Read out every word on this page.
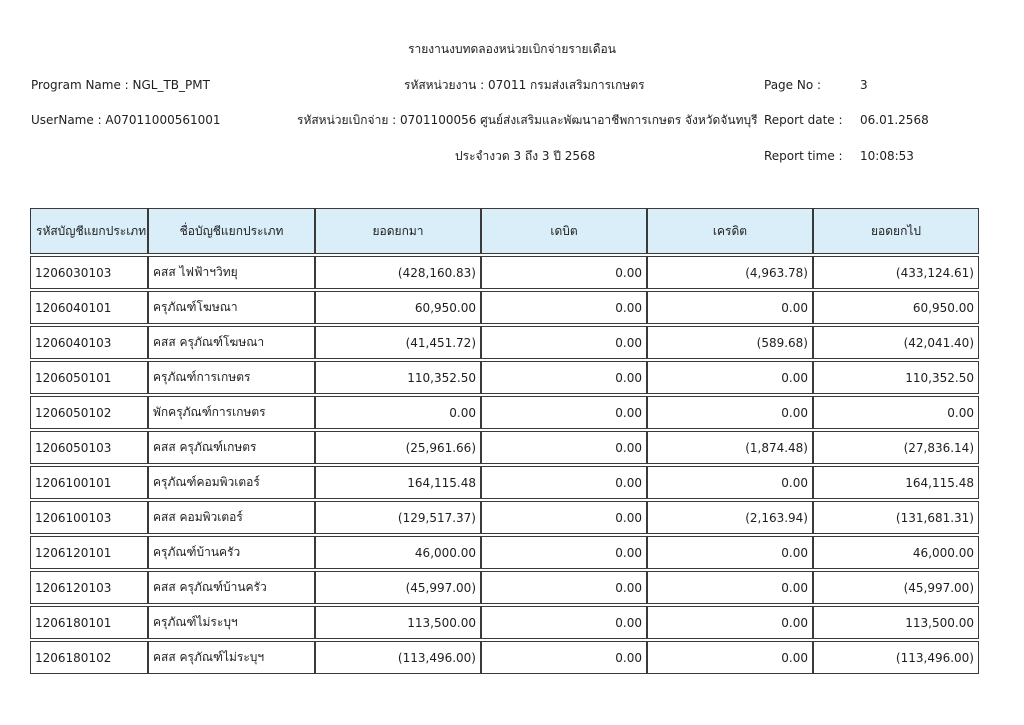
รายงานงบทดลองหน่วยเบิกจ่ายรายเดือน
Program Name : NGL_TB_PMT
UserName : A07011000561001
รหัสหน่วยงาน : 07011 กรมส่งเสริมการเกษตร
รหัสหน่วยเบิกจ่าย : 0701100056 ศูนย์ส่งเสริมและพัฒนาอาชีพการเกษตร จังหวัดจันทบุรี
ประจำงวด 3 ถึง 3 ปี 2568
Page No :	3
Report date : 06.01.2568
Report time : 10:08:53
รหัสบัญชีแยกประเภท	ชื่อบัญชีแยกประเภท	ยอดยกมา	เดบิต	เครดิต	ยอดยกไป
1206030103	คสส ไฟฟ้าฯวิทยุ	(428,160.83)	0.00	(4,963.78)	(433,124.61)
1206040101	ครุภัณฑ์โฆษณา	60,950.00	0.00	0.00	60,950.00
1206040103	คสส ครุภัณฑ์โฆษณา	(41,451.72)	0.00	(589.68)	(42,041.40)
1206050101	ครุภัณฑ์การเกษตร	110,352.50	0.00	0.00	110,352.50
1206050102	พักครุภัณฑ์การเกษตร	0.00	0.00	0.00	0.00
1206050103	คสส ครุภัณฑ์เกษตร	(25,961.66)	0.00	(1,874.48)	(27,836.14)
1206100101	ครุภัณฑ์คอมพิวเตอร์	164,115.48	0.00	0.00	164,115.48
1206100103	คสส คอมพิวเตอร์	(129,517.37)	0.00	(2,163.94)	(131,681.31)
1206120101	ครุภัณฑ์บ้านครัว	46,000.00	0.00	0.00	46,000.00
1206120103	คสส ครุภัณฑ์บ้านครัว	(45,997.00)	0.00	0.00	(45,997.00)
1206180101	ครุภัณฑ์ไม่ระบุฯ	113,500.00	0.00	0.00	113,500.00
1206180102	คสส ครุภัณฑ์ไม่ระบุฯ	(113,496.00)	0.00	0.00	(113,496.00)
